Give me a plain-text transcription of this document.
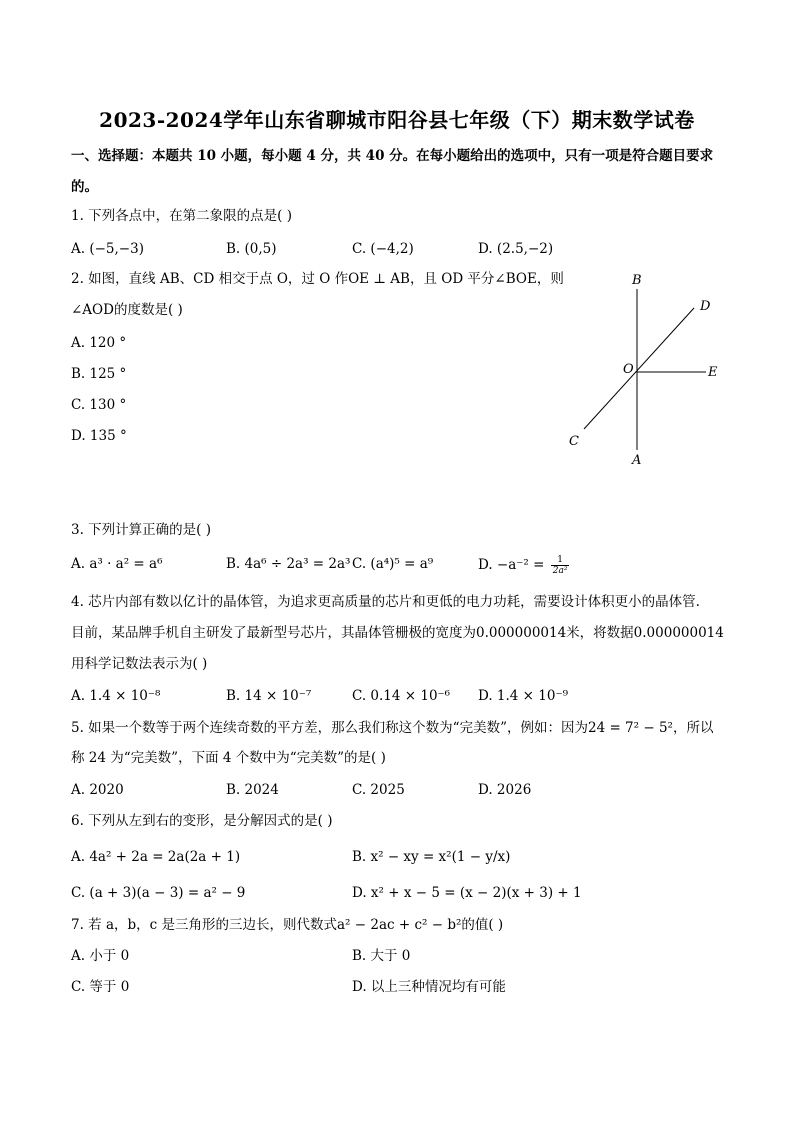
2023-2024学年山东省聊城市阳谷县七年级（下）期末数学试卷
一、选择题：本题共 10 小题，每小题 4 分，共 40 分。在每小题给出的选项中，只有一项是符合题目要求
的。
1. 下列各点中，在第二象限的点是( )
A. (−5,−3)	B. (0,5)	C. (−4,2)	D. (2.5,−2)
2. 如图，直线 AB、CD 相交于点 O，过 O 作OE ⊥ AB，且 OD 平分∠BOE，则
∠AOD的度数是( )
A. 120 °
B. 125 °
C. 130 °
D. 135 °
B
D
O	E
C
A
3. 下列计算正确的是( )
A. a³ · a² = a⁶	B. 4a⁶ ÷ 2a³ = 2a³ C. (a⁴)⁵ = a⁹	D. $-a^{-2} = \frac{1}{\text{2a²}}$
4. 芯片内部有数以亿计的晶体管，为追求更高质量的芯片和更低的电力功耗，需要设计体积更小的晶体管.
目前，某品牌手机自主研发了最新型号芯片，其晶体管栅极的宽度为0.000000014米，将数据0.000000014
用科学记数法表示为( )
A. 1.4 × 10⁻⁸	B. 14 × 10⁻⁷	C. 0.14 × 10⁻⁶ D. 1.4 × 10⁻⁹
5. 如果一个数等于两个连续奇数的平方差，那么我们称这个数为“完美数”，例如：因为24 = 7² − 5²，所以
称 24 为“完美数”，下面 4 个数中为“完美数”的是( )
A. 2020	B. 2024	C. 2025	D. 2026
6. 下列从左到右的变形，是分解因式的是( )
A. 4a² + 2a = 2a(2a + 1)	B. x² − xy = x²(1 − y/x)
C. (a + 3)(a − 3) = a² − 9	D. x² + x − 5 = (x − 2)(x + 3) + 1
7. 若 a，b，c 是三角形的三边长，则代数式a² − 2ac + c² − b²的值( )
A. 小于 0	B. 大于 0
C. 等于 0	D. 以上三种情况均有可能
